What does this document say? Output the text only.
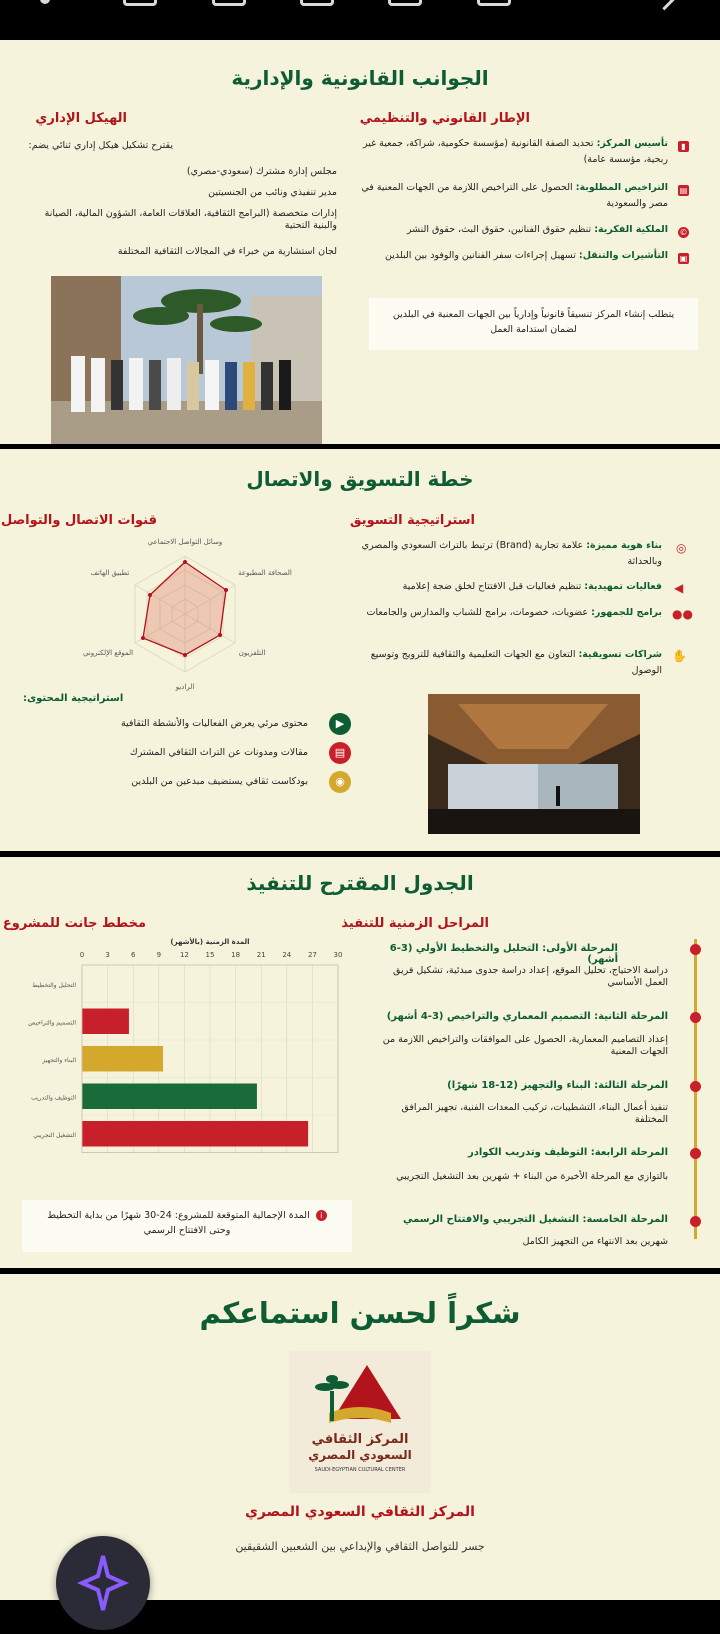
الجوانب القانونية والإدارية
الإطار القانوني والتنظيمي
الهيكل الإداري
▮
تأسيس المركز: تحديد الصفة القانونية (مؤسسة حكومية، شراكة، جمعية غير ربحية، مؤسسة عامة)
▤
التراخيص المطلوبة: الحصول على التراخيص اللازمة من الجهات المعنية في مصر والسعودية
©
الملكية الفكرية: تنظيم حقوق الفنانين، حقوق البث، حقوق النشر
▣
التأشيرات والتنقل: تسهيل إجراءات سفر الفنانين والوفود بين البلدين
يتطلب إنشاء المركز تنسيقاً قانونياً وإدارياً بين الجهات المعنية في البلدين لضمان استدامة العمل
يقترح تشكيل هيكل إداري ثنائي يضم:
مجلس إدارة مشترك (سعودي-مصري)
مدير تنفيذي ونائب من الجنسيتين
إدارات متخصصة (البرامج الثقافية، العلاقات العامة، الشؤون المالية، الصيانة والبنية التحتية
لجان استشارية من خبراء في المجالات الثقافية المختلفة
خطة التسويق والاتصال
استراتيجية التسويق
قنوات الاتصال والتواصل
◎
بناء هوية مميزة: علامة تجارية (Brand) ترتبط بالتراث السعودي والمصري وبالحداثة
◀
فعاليات تمهيدية: تنظيم فعاليات قبل الافتتاح لخلق ضجة إعلامية
●●
برامج للجمهور: عضويات، خصومات، برامج للشباب والمدارس والجامعات
✋
شراكات تسويقية: التعاون مع الجهات التعليمية والثقافية للترويج وتوسيع الوصول
وسائل التواصل الاجتماعي
الصحافة المطبوعة
التلفزيون
الراديو
الموقع الإلكتروني
تطبيق الهاتف
استراتيجية المحتوى:
▶
محتوى مرئي يعرض الفعاليات والأنشطة الثقافية
▤
مقالات ومدونات عن التراث الثقافي المشترك
◉
بودكاست ثقافي يستضيف مبدعين من البلدين
الجدول المقترح للتنفيذ
المراحل الزمنية للتنفيذ
مخطط جانت للمشروع
المرحلة الأولى: التحليل والتخطيط الأولي (3-6 أشهر)
دراسة الاحتياج، تحليل الموقع، إعداد دراسة جدوى مبدئية، تشكيل فريق العمل الأساسي
المرحلة الثانية: التصميم المعماري والتراخيص (3-4 أشهر)
إعداد التصاميم المعمارية، الحصول على الموافقات والتراخيص اللازمة من الجهات المعنية
المرحلة الثالثة: البناء والتجهيز (12-18 شهرًا)
تنفيذ أعمال البناء، التشطيبات، تركيب المعدات الفنية، تجهيز المرافق المختلفة
المرحلة الرابعة: التوظيف وتدريب الكوادر
بالتوازي مع المرحلة الأخيرة من البناء + شهرين بعد التشغيل التجريبي
المرحلة الخامسة: التشغيل التجريبي والافتتاح الرسمي
شهرين بعد الانتهاء من التجهيز الكامل
المدة الزمنية (بالأشهر)
0	3	6	9	12 15 18 21 24 27 30
التحليل والتخطيط
التصميم والتراخيص
البناء والتجهيز
التوظيف والتدريب
التشغيل التجريبي
iالمدة الإجمالية المتوقعة للمشروع: 24-30 شهرًا من بداية التخطيط وحتى الافتتاح الرسمي
شكراً لحسن استماعكم
المركز الثقافي
السعودي المصري
SAUDI-EGYPTIAN CULTURAL CENTER
المركز الثقافي السعودي المصري
جسر للتواصل الثقافي والإبداعي بين الشعبين الشقيقين
